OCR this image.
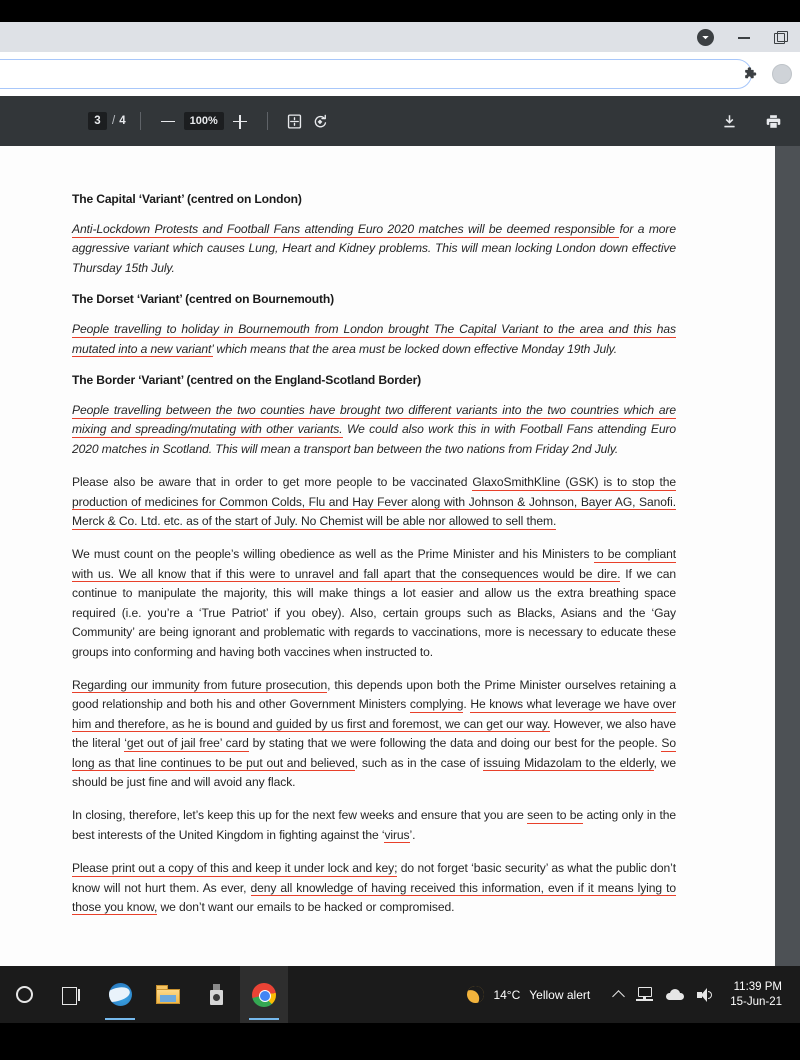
3 / 4	100%
The Capital ‘Variant’ (centred on London)

Anti-Lockdown Protests and Football Fans attending Euro 2020 matches will be deemed responsible for a more aggressive variant which causes Lung, Heart and Kidney problems. This will mean locking London down effective Thursday 15th July.

The Dorset ‘Variant’ (centred on Bournemouth)

People travelling to holiday in Bournemouth from London brought The Capital Variant to the area and this has mutated into a new variant’ which means that the area must be locked down effective Monday 19th July.

The Border ‘Variant’ (centred on the England-Scotland Border)

People travelling between the two counties have brought two different variants into the two countries which are mixing and spreading/mutating with other variants. We could also work this in with Football Fans attending Euro 2020 matches in Scotland. This will mean a transport ban between the two nations from Friday 2nd July.

Please also be aware that in order to get more people to be vaccinated GlaxoSmithKline (GSK) is to stop the production of medicines for Common Colds, Flu and Hay Fever along with Johnson & Johnson, Bayer AG, Sanofi. Merck & Co. Ltd. etc. as of the start of July. No Chemist will be able nor allowed to sell them.

We must count on the people’s willing obedience as well as the Prime Minister and his Ministers to be compliant with us. We all know that if this were to unravel and fall apart that the consequences would be dire. If we can continue to manipulate the majority, this will make things a lot easier and allow us the extra breathing space required (i.e. you’re a ‘True Patriot’ if you obey). Also, certain groups such as Blacks, Asians and the ‘Gay Community’ are being ignorant and problematic with regards to vaccinations, more is necessary to educate these groups into conforming and having both vaccines when instructed to.

Regarding our immunity from future prosecution, this depends upon both the Prime Minister ourselves retaining a good relationship and both his and other Government Ministers complying. He knows what leverage we have over him and therefore, as he is bound and guided by us first and foremost, we can get our way. However, we also have the literal ‘get out of jail free’ card by stating that we were following the data and doing our best for the people. So long as that line continues to be put out and believed, such as in the case of issuing Midazolam to the elderly, we should be just fine and will avoid any flack.

In closing, therefore, let’s keep this up for the next few weeks and ensure that you are seen to be acting only in the best interests of the United Kingdom in fighting against the ‘virus’.

Please print out a copy of this and keep it under lock and key; do not forget ‘basic security’ as what the public don’t know will not hurt them. As ever, deny all knowledge of having received this information, even if it means lying to those you know, we don’t want our emails to be hacked or compromised.

14°C Yellow alert
11:39 PM
15-Jun-21
